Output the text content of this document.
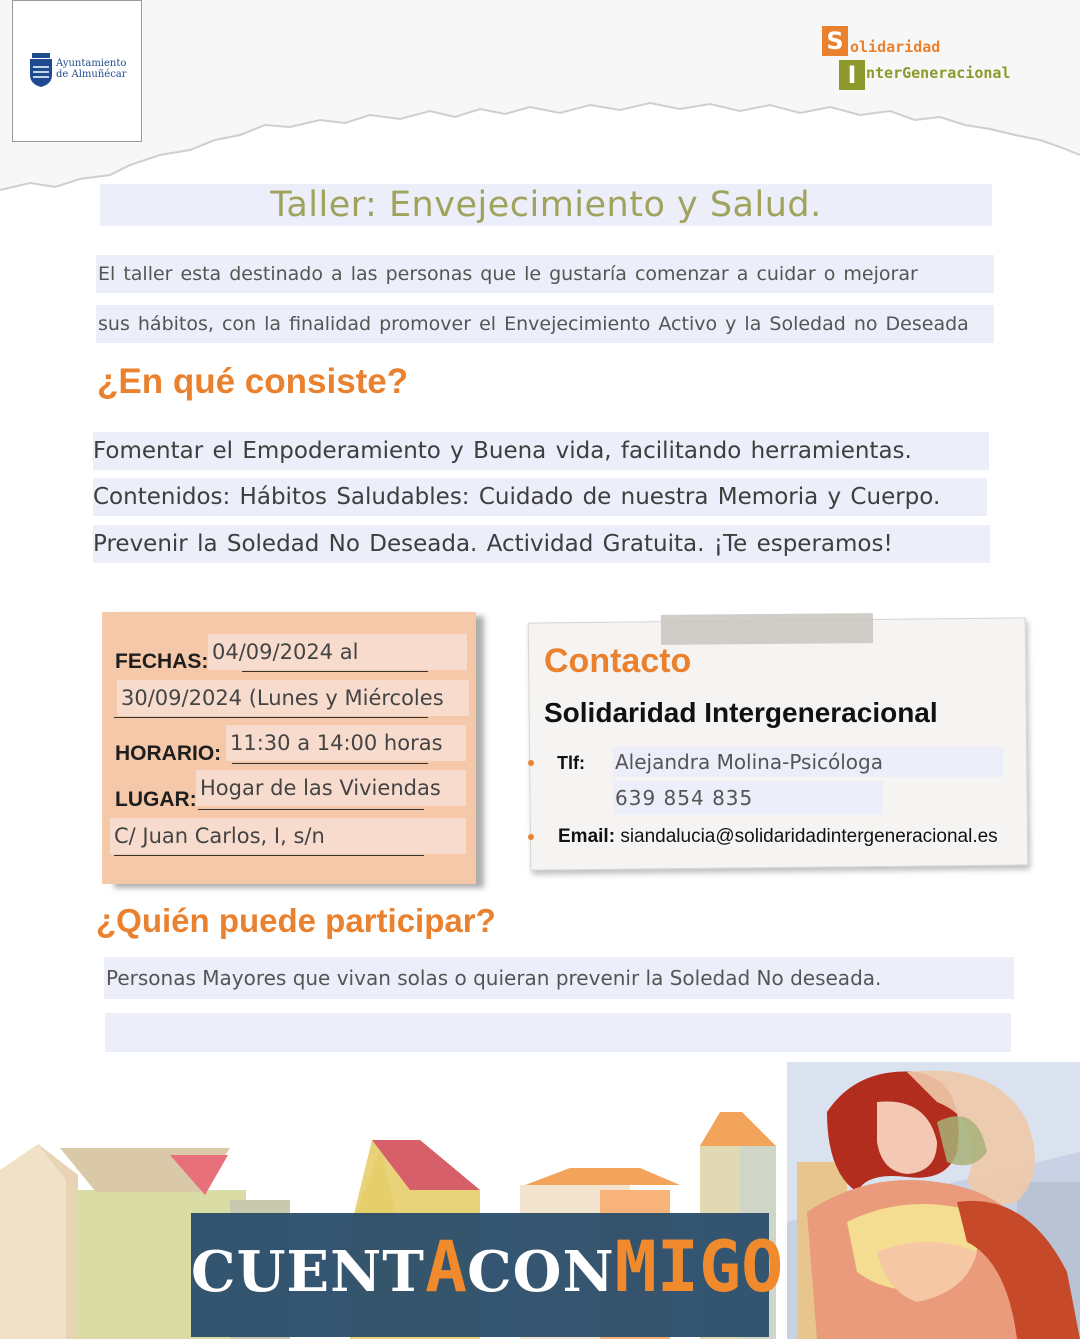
Ayuntamiento
de Almuñécar
S
I
olidaridad
nterGeneracional
Taller: Envejecimiento y Salud.
El taller esta destinado a las personas que le gustaría comenzar a cuidar o mejorar
sus hábitos, con la finalidad promover el Envejecimiento Activo y la Soledad no Deseada
¿En qué consiste?
Fomentar el Empoderamiento y Buena vida, facilitando herramientas.
Contenidos: Hábitos Saludables: Cuidado de nuestra Memoria y Cuerpo.
Prevenir la Soledad No Deseada. Actividad Gratuita. ¡Te esperamos!
04/09/2024 al
FECHAS:
30/09/2024 (Lunes y Miércoles
11:30 a 14:00 horas
HORARIO:
Hogar de las Viviendas
LUGAR:
C/ Juan Carlos, I, s/n
Contacto
Solidaridad Intergeneracional
Tlf: Alejandra Molina-Psicóloga
639 854 835
Email: siandalucia@solidaridadintergeneracional.es
¿Quién puede participar?
Personas Mayores que vivan solas o quieran prevenir la Soledad No deseada.
CUENTACONMIGO
